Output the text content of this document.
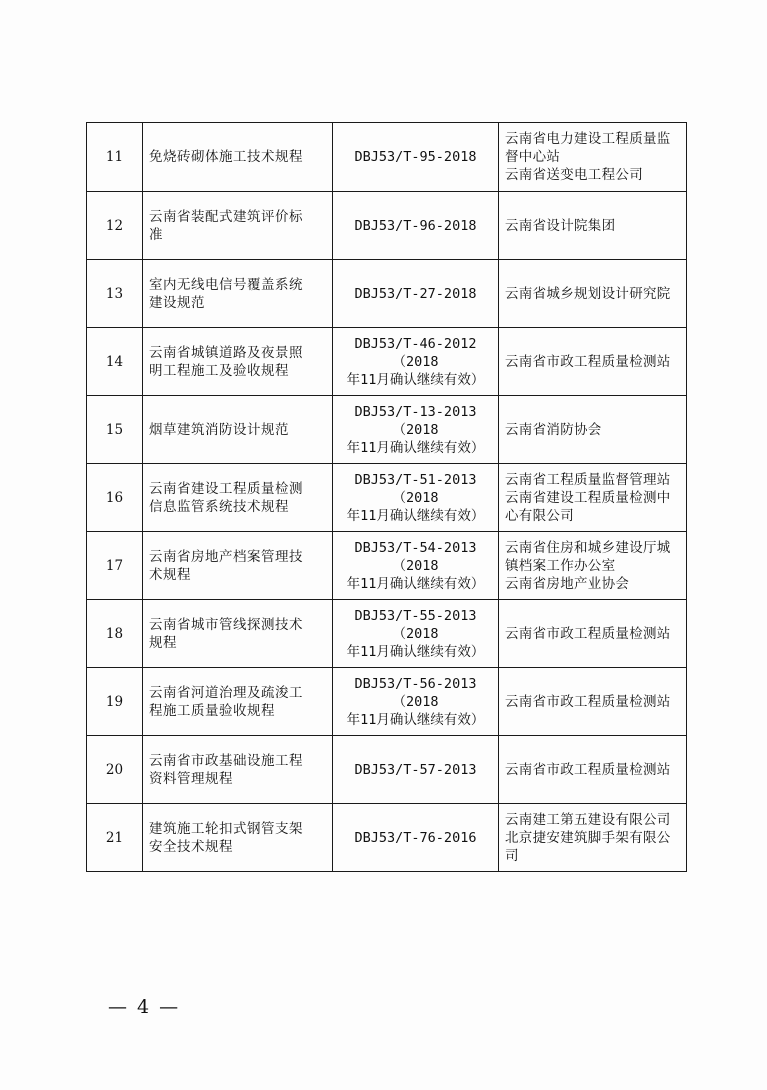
11	免烧砖砌体施工技术规程	DBJ53/T-95-2018	云南省电力建设工程质量监
督中心站
云南省送变电工程公司

12	云南省装配式建筑评价标
准	DBJ53/T-96-2018	云南省设计院集团

13	室内无线电信号覆盖系统
建设规范	DBJ53/T-27-2018	云南省城乡规划设计研究院

14	云南省城镇道路及夜景照
明工程施工及验收规程	DBJ53/T-46-2012（2018
年11月确认继续有效）	云南省市政工程质量检测站

15	烟草建筑消防设计规范	DBJ53/T-13-2013（2018
年11月确认继续有效）	云南省消防协会

16	云南省建设工程质量检测
信息监管系统技术规程	DBJ53/T-51-2013（2018
年11月确认继续有效）	云南省工程质量监督管理站
云南省建设工程质量检测中
心有限公司

17	云南省房地产档案管理技
术规程	DBJ53/T-54-2013（2018
年11月确认继续有效）	云南省住房和城乡建设厅城
镇档案工作办公室
云南省房地产业协会

18	云南省城市管线探测技术
规程	DBJ53/T-55-2013（2018
年11月确认继续有效）	云南省市政工程质量检测站

19	云南省河道治理及疏浚工
程施工质量验收规程	DBJ53/T-56-2013（2018
年11月确认继续有效）	云南省市政工程质量检测站

20	云南省市政基础设施工程
资料管理规程	DBJ53/T-57-2013	云南省市政工程质量检测站

21	建筑施工轮扣式钢管支架
安全技术规程	DBJ53/T-76-2016	云南建工第五建设有限公司
北京捷安建筑脚手架有限公
司
— 4 —
